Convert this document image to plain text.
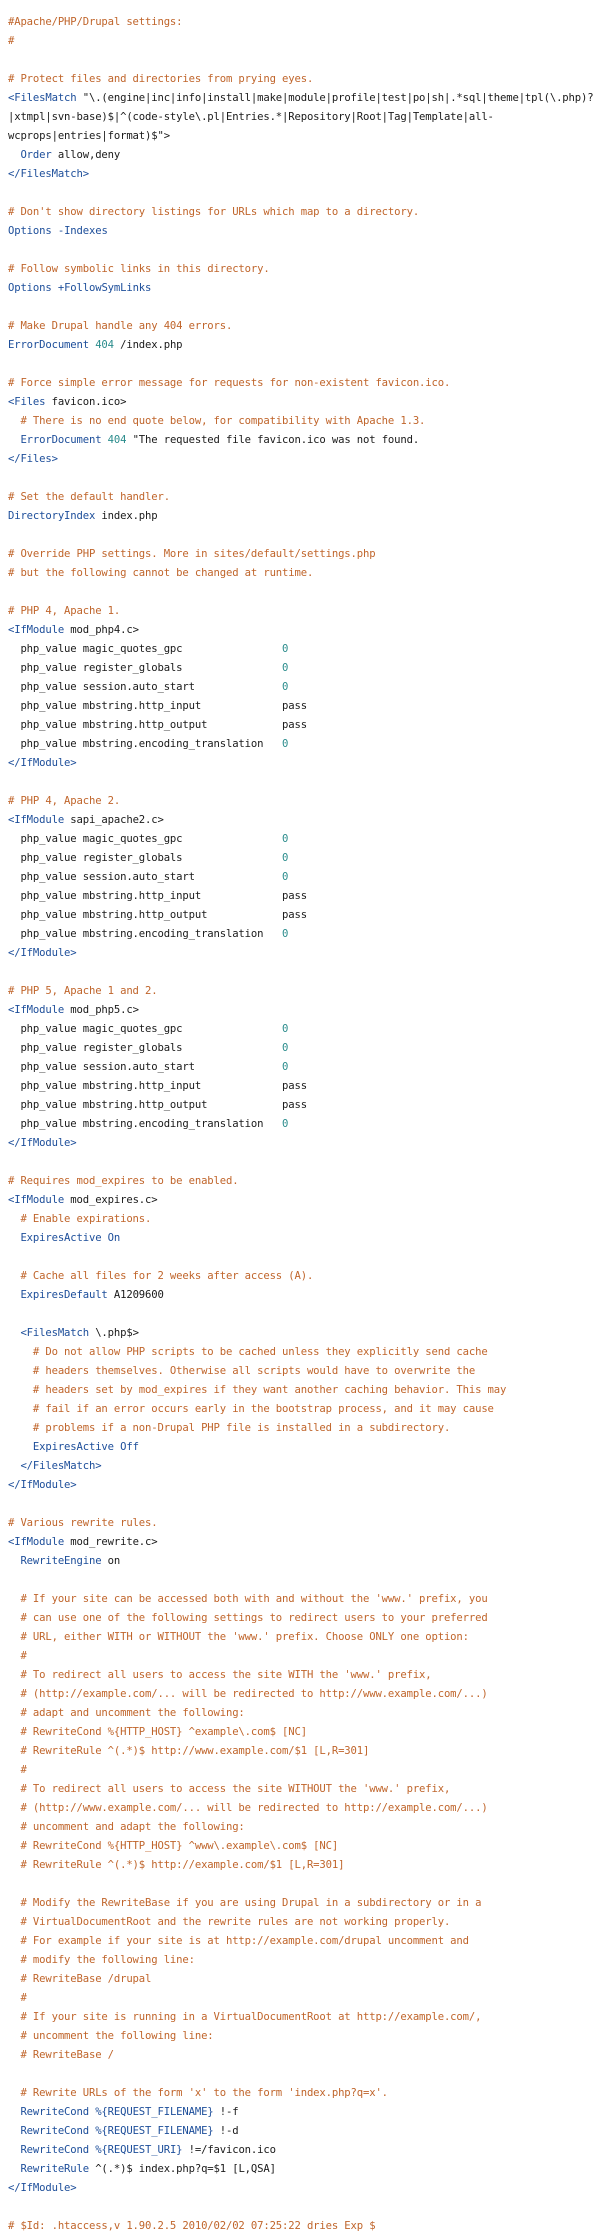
#Apache/PHP/Drupal settings:
#
# Protect files and directories from prying eyes.
<FilesMatch "\.(engine|inc|info|install|make|module|profile|test|po|sh|.*sql|theme|tpl(\.php)?
|xtmpl|svn-base)$|^(code-style\.pl|Entries.*|Repository|Root|Tag|Template|all-
wcprops|entries|format)$">
Order allow,deny
</FilesMatch>
# Don't show directory listings for URLs which map to a directory.
Options -Indexes
# Follow symbolic links in this directory.
Options +FollowSymLinks
# Make Drupal handle any 404 errors.
ErrorDocument 404 /index.php
# Force simple error message for requests for non-existent favicon.ico.
<Files favicon.ico>
# There is no end quote below, for compatibility with Apache 1.3.
ErrorDocument 404 "The requested file favicon.ico was not found.
</Files>
# Set the default handler.
DirectoryIndex index.php
# Override PHP settings. More in sites/default/settings.php
# but the following cannot be changed at runtime.
# PHP 4, Apache 1.
<IfModule mod_php4.c>
php_value magic_quotes_gpc                0
php_value register_globals                0
php_value session.auto_start              0
php_value mbstring.http_input             pass
php_value mbstring.http_output            pass
php_value mbstring.encoding_translation   0
</IfModule>
# PHP 4, Apache 2.
<IfModule sapi_apache2.c>
php_value magic_quotes_gpc                0
php_value register_globals                0
php_value session.auto_start              0
php_value mbstring.http_input             pass
php_value mbstring.http_output            pass
php_value mbstring.encoding_translation   0
</IfModule>
# PHP 5, Apache 1 and 2.
<IfModule mod_php5.c>
php_value magic_quotes_gpc                0
php_value register_globals                0
php_value session.auto_start              0
php_value mbstring.http_input             pass
php_value mbstring.http_output            pass
php_value mbstring.encoding_translation   0
</IfModule>
# Requires mod_expires to be enabled.
<IfModule mod_expires.c>
# Enable expirations.
ExpiresActive On
# Cache all files for 2 weeks after access (A).
ExpiresDefault A1209600
<FilesMatch \.php$>
# Do not allow PHP scripts to be cached unless they explicitly send cache
# headers themselves. Otherwise all scripts would have to overwrite the
# headers set by mod_expires if they want another caching behavior. This may
# fail if an error occurs early in the bootstrap process, and it may cause
# problems if a non-Drupal PHP file is installed in a subdirectory.
ExpiresActive Off
</FilesMatch>
</IfModule>
# Various rewrite rules.
<IfModule mod_rewrite.c>
RewriteEngine on
# If your site can be accessed both with and without the 'www.' prefix, you
# can use one of the following settings to redirect users to your preferred
# URL, either WITH or WITHOUT the 'www.' prefix. Choose ONLY one option:
#
# To redirect all users to access the site WITH the 'www.' prefix,
# (http://example.com/... will be redirected to http://www.example.com/...)
# adapt and uncomment the following:
# RewriteCond %{HTTP_HOST} ^example\.com$ [NC]
# RewriteRule ^(.*)$ http://www.example.com/$1 [L,R=301]
#
# To redirect all users to access the site WITHOUT the 'www.' prefix,
# (http://www.example.com/... will be redirected to http://example.com/...)
# uncomment and adapt the following:
# RewriteCond %{HTTP_HOST} ^www\.example\.com$ [NC]
# RewriteRule ^(.*)$ http://example.com/$1 [L,R=301]
# Modify the RewriteBase if you are using Drupal in a subdirectory or in a
# VirtualDocumentRoot and the rewrite rules are not working properly.
# For example if your site is at http://example.com/drupal uncomment and
# modify the following line:
# RewriteBase /drupal
#
# If your site is running in a VirtualDocumentRoot at http://example.com/,
# uncomment the following line:
# RewriteBase /
# Rewrite URLs of the form 'x' to the form 'index.php?q=x'.
RewriteCond %{REQUEST_FILENAME} !-f
RewriteCond %{REQUEST_FILENAME} !-d
RewriteCond %{REQUEST_URI} !=/favicon.ico
RewriteRule ^(.*)$ index.php?q=$1 [L,QSA]
</IfModule>
# $Id: .htaccess,v 1.90.2.5 2010/02/02 07:25:22 dries Exp $
